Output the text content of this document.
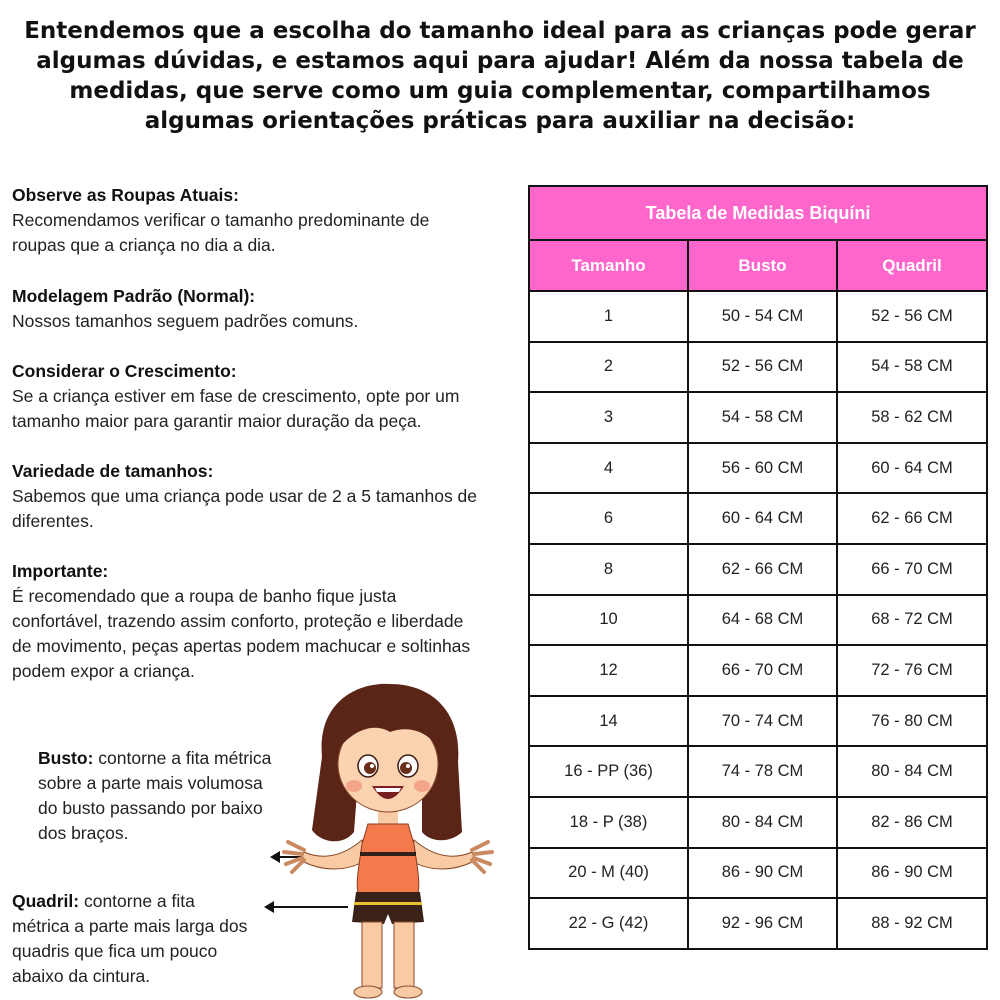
Entendemos que a escolha do tamanho ideal para as crianças pode gerar
algumas dúvidas, e estamos aqui para ajudar! Além da nossa tabela de
medidas, que serve como um guia complementar, compartilhamos
algumas orientações práticas para auxiliar na decisão:
Observe as Roupas Atuais:
Recomendamos verificar o tamanho predominante de
roupas que a criança no dia a dia.
Modelagem Padrão (Normal):
Nossos tamanhos seguem padrões comuns.
Considerar o Crescimento:
Se a criança estiver em fase de crescimento, opte por um
tamanho maior para garantir maior duração da peça.
Variedade de tamanhos:
Sabemos que uma criança pode usar de 2 a 5 tamanhos de
diferentes.
Importante:
É recomendado que a roupa de banho fique justa
confortável, trazendo assim conforto, proteção e liberdade
de movimento, peças apertas podem machucar e soltinhas
podem expor a criança.
Busto: contorne a fita métrica
sobre a parte mais volumosa
do busto passando por baixo
dos braços.
Quadril: contorne a fita
métrica a parte mais larga dos
quadris que fica um pouco
abaixo da cintura.
Tabela de Medidas Biquíni		
Tamanho	Busto	Quadril
1	50 - 54 CM	52 - 56 CM
2	52 - 56 CM	54 - 58 CM
3	54 - 58 CM	58 - 62 CM
4	56 - 60 CM	60 - 64 CM
6	60 - 64 CM	62 - 66 CM
8	62 - 66 CM	66 - 70 CM
10	64 - 68 CM	68 - 72 CM
12	66 - 70 CM	72 - 76 CM
14	70 - 74 CM	76 - 80 CM
16 - PP (36)	74 - 78 CM	80 - 84 CM
18 - P (38)	80 - 84 CM	82 - 86 CM
20 - M (40)	86 - 90 CM	86 - 90 CM
22 - G (42)	92 - 96 CM	88 - 92 CM
